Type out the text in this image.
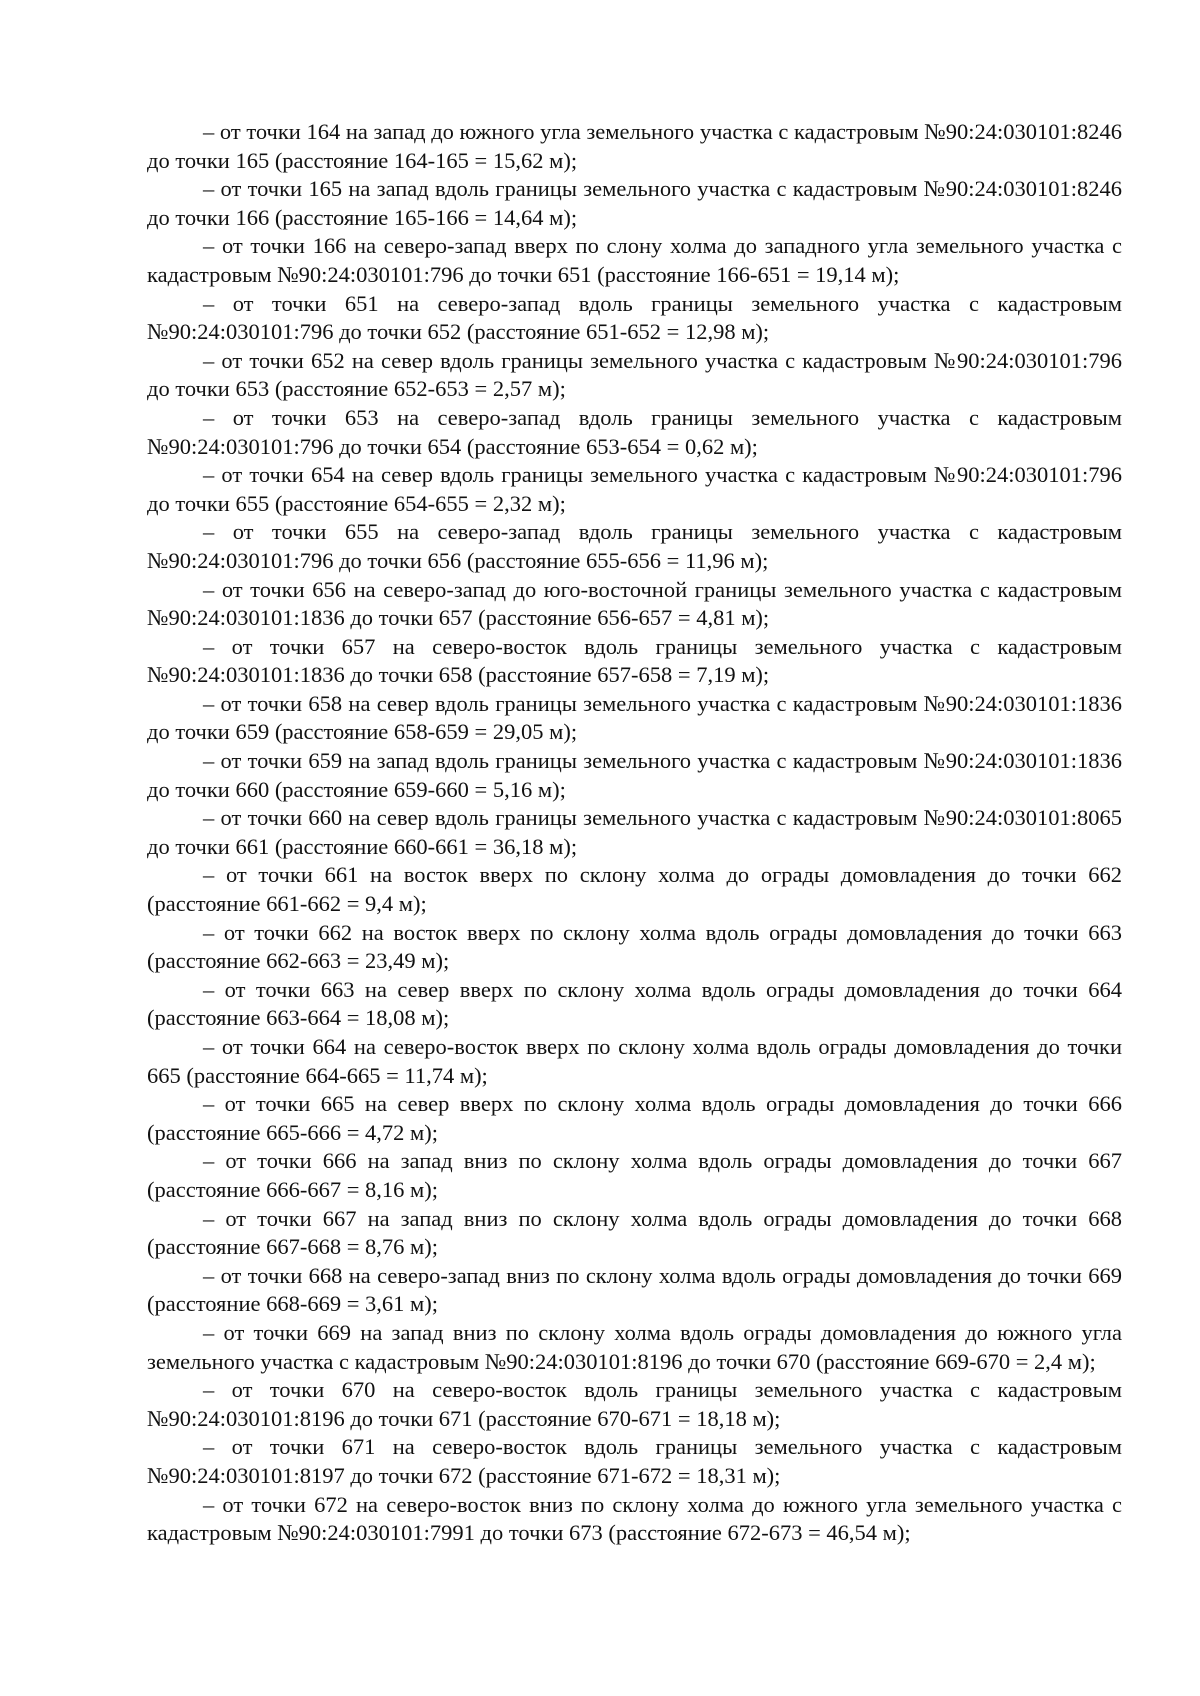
– от точки 164 на запад до южного угла земельного участка с кадастровым №90:24:030101:8246 до точки 165 (расстояние 164-165 = 15,62 м);

– от точки 165 на запад вдоль границы земельного участка с кадастровым №90:24:030101:8246 до точки 166 (расстояние 165-166 = 14,64 м);

– от точки 166 на северо-запад вверх по слону холма до западного угла земельного участка с кадастровым №90:24:030101:796 до точки 651 (расстояние 166-651 = 19,14 м);

– от точки 651 на северо-запад вдоль границы земельного участка с кадастровым №90:24:030101:796 до точки 652 (расстояние 651-652 = 12,98 м);

– от точки 652 на север вдоль границы земельного участка с кадастровым №90:24:030101:796 до точки 653 (расстояние 652-653 = 2,57 м);

– от точки 653 на северо-запад вдоль границы земельного участка с кадастровым №90:24:030101:796 до точки 654 (расстояние 653-654 = 0,62 м);

– от точки 654 на север вдоль границы земельного участка с кадастровым №90:24:030101:796 до точки 655 (расстояние 654-655 = 2,32 м);

– от точки 655 на северо-запад вдоль границы земельного участка с кадастровым №90:24:030101:796 до точки 656 (расстояние 655-656 = 11,96 м);

– от точки 656 на северо-запад до юго-восточной границы земельного участка с кадастровым №90:24:030101:1836 до точки 657 (расстояние 656-657 = 4,81 м);

– от точки 657 на северо-восток вдоль границы земельного участка с кадастровым №90:24:030101:1836 до точки 658 (расстояние 657-658 = 7,19 м);

– от точки 658 на север вдоль границы земельного участка с кадастровым №90:24:030101:1836 до точки 659 (расстояние 658-659 = 29,05 м);

– от точки 659 на запад вдоль границы земельного участка с кадастровым №90:24:030101:1836 до точки 660 (расстояние 659-660 = 5,16 м);

– от точки 660 на север вдоль границы земельного участка с кадастровым №90:24:030101:8065 до точки 661 (расстояние 660-661 = 36,18 м);

– от точки 661 на восток вверх по склону холма до ограды домовладения до точки 662 (расстояние 661-662 = 9,4 м);

– от точки 662 на восток вверх по склону холма вдоль ограды домовладения до точки 663 (расстояние 662-663 = 23,49 м);

– от точки 663 на север вверх по склону холма вдоль ограды домовладения до точки 664 (расстояние 663-664 = 18,08 м);

– от точки 664 на северо-восток вверх по склону холма вдоль ограды домовладения до точки 665 (расстояние 664-665 = 11,74 м);

– от точки 665 на север вверх по склону холма вдоль ограды домовладения до точки 666 (расстояние 665-666 = 4,72 м);

– от точки 666 на запад вниз по склону холма вдоль ограды домовладения до точки 667 (расстояние 666-667 = 8,16 м);

– от точки 667 на запад вниз по склону холма вдоль ограды домовладения до точки 668 (расстояние 667-668 = 8,76 м);

– от точки 668 на северо-запад вниз по склону холма вдоль ограды домовладения до точки 669 (расстояние 668-669 = 3,61 м);

– от точки 669 на запад вниз по склону холма вдоль ограды домовладения до южного угла земельного участка с кадастровым №90:24:030101:8196 до точки 670 (расстояние 669-670 = 2,4 м);

– от точки 670 на северо-восток вдоль границы земельного участка с кадастровым №90:24:030101:8196 до точки 671 (расстояние 670-671 = 18,18 м);

– от точки 671 на северо-восток вдоль границы земельного участка с кадастровым №90:24:030101:8197 до точки 672 (расстояние 671-672 = 18,31 м);

– от точки 672 на северо-восток вниз по склону холма до южного угла земельного участка с кадастровым №90:24:030101:7991 до точки 673 (расстояние 672-673 = 46,54 м);
